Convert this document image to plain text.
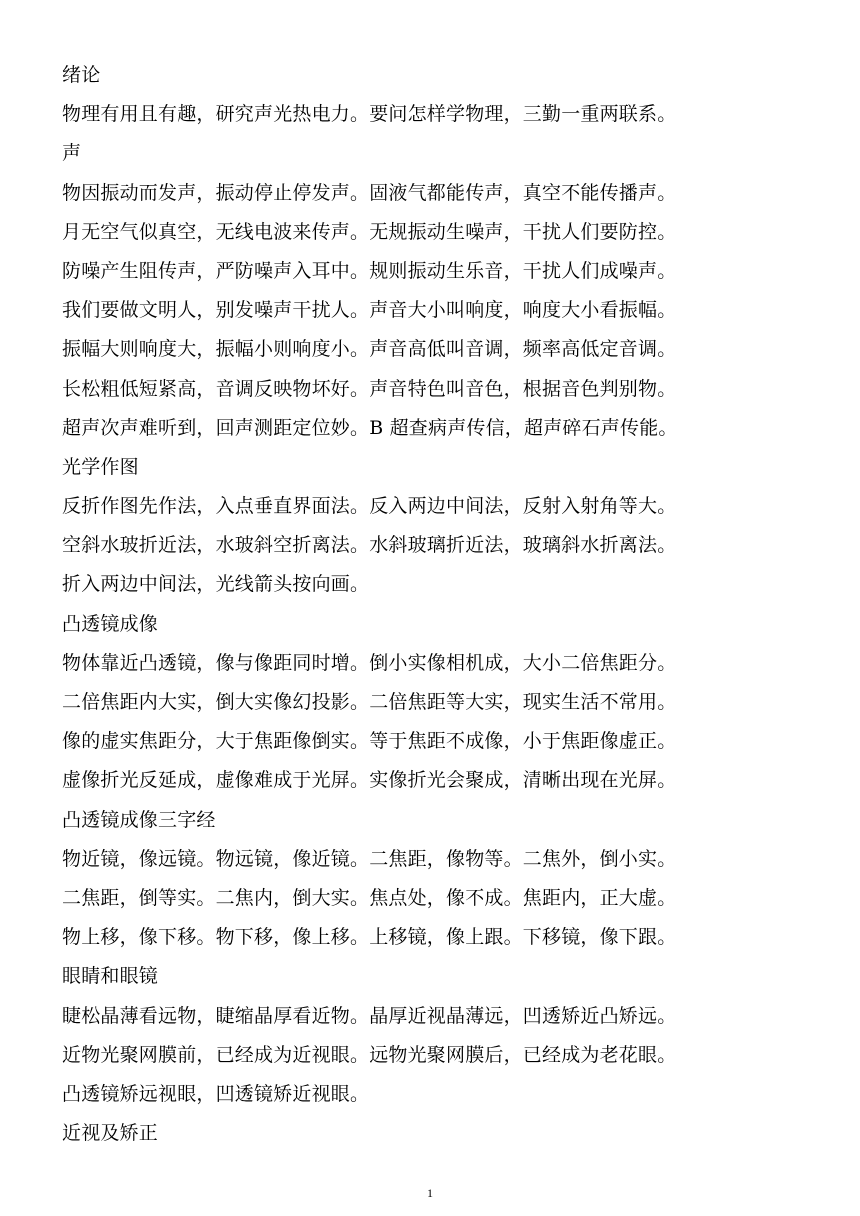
绪论
物理有用且有趣，研究声光热电力。要问怎样学物理，三勤一重两联系。
声
物因振动而发声，振动停止停发声。固液气都能传声，真空不能传播声。
月无空气似真空，无线电波来传声。无规振动生噪声，干扰人们要防控。
防噪产生阻传声，严防噪声入耳中。规则振动生乐音，干扰人们成噪声。
我们要做文明人，别发噪声干扰人。声音大小叫响度，响度大小看振幅。
振幅大则响度大，振幅小则响度小。声音高低叫音调，频率高低定音调。
长松粗低短紧高，音调反映物坏好。声音特色叫音色，根据音色判别物。
超声次声难听到，回声测距定位妙。B 超查病声传信，超声碎石声传能。
光学作图
反折作图先作法，入点垂直界面法。反入两边中间法，反射入射角等大。
空斜水玻折近法，水玻斜空折离法。水斜玻璃折近法，玻璃斜水折离法。
折入两边中间法，光线箭头按向画。
凸透镜成像
物体靠近凸透镜，像与像距同时增。倒小实像相机成，大小二倍焦距分。
二倍焦距内大实，倒大实像幻投影。二倍焦距等大实，现实生活不常用。
像的虚实焦距分，大于焦距像倒实。等于焦距不成像，小于焦距像虚正。
虚像折光反延成，虚像难成于光屏。实像折光会聚成，清晰出现在光屏。
凸透镜成像三字经
物近镜，像远镜。物远镜，像近镜。二焦距，像物等。二焦外，倒小实。
二焦距，倒等实。二焦内，倒大实。焦点处，像不成。焦距内，正大虚。
物上移，像下移。物下移，像上移。上移镜，像上跟。下移镜，像下跟。
眼睛和眼镜
睫松晶薄看远物，睫缩晶厚看近物。晶厚近视晶薄远，凹透矫近凸矫远。
近物光聚网膜前，已经成为近视眼。远物光聚网膜后，已经成为老花眼。
凸透镜矫远视眼，凹透镜矫近视眼。
近视及矫正
1
